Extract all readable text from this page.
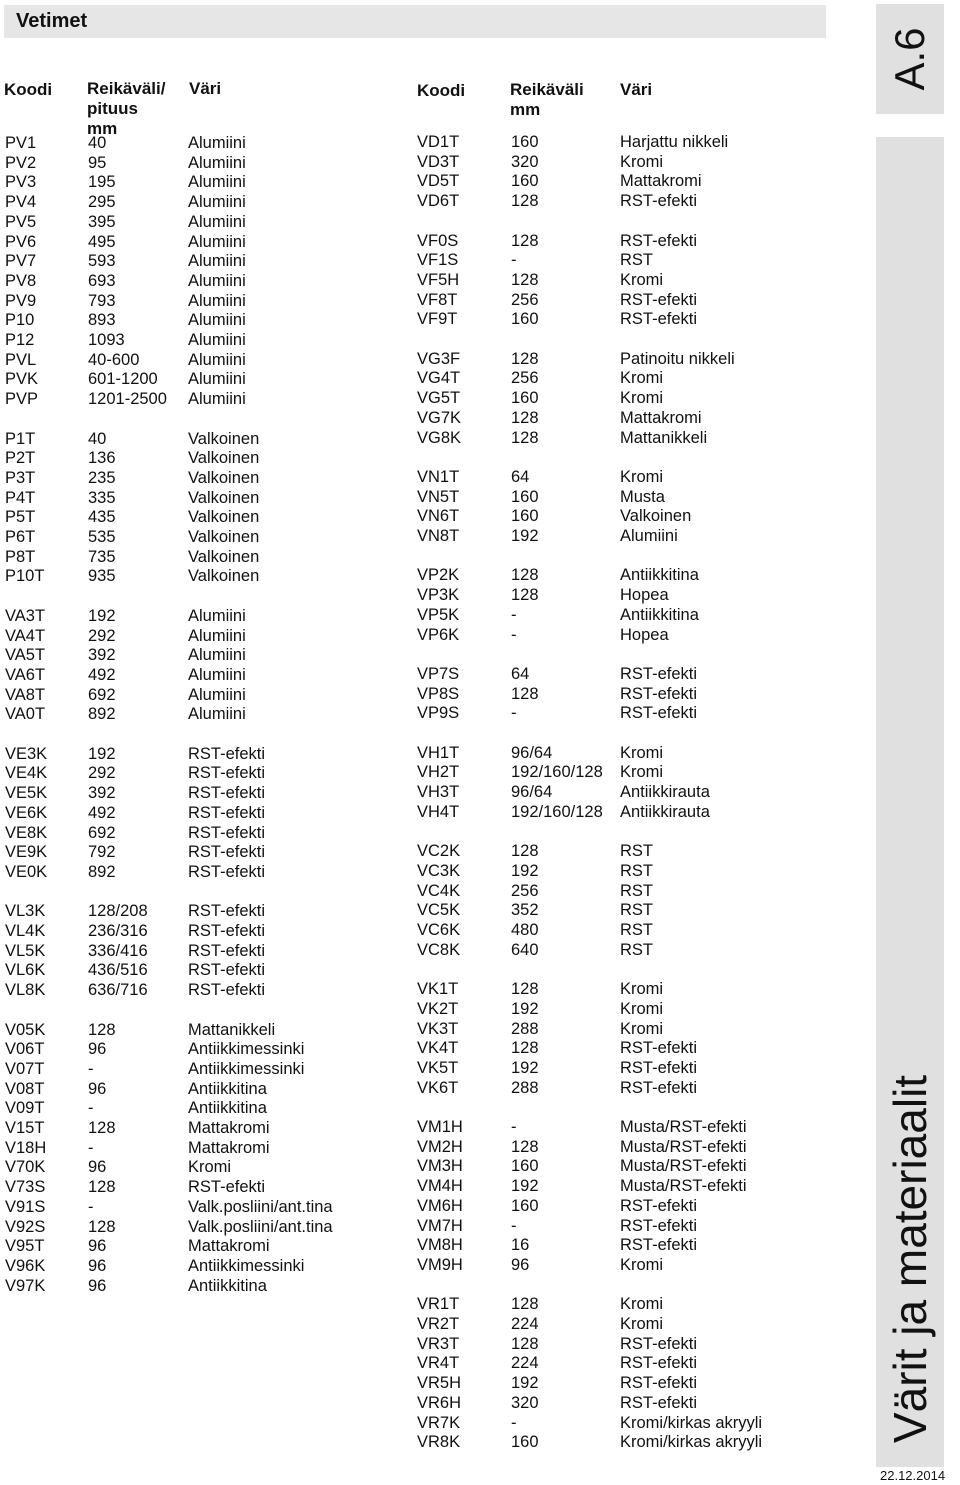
Vetimet
A.6
Värit ja materiaalit
22.12.2014
Koodi Reikäväli/
pituus mm
Väri
PV1	40	Alumiini
PV2	95	Alumiini
PV3	195	Alumiini
PV4	295	Alumiini
PV5	395	Alumiini
PV6	495	Alumiini
PV7	593	Alumiini
PV8	693	Alumiini
PV9	793	Alumiini
P10	893	Alumiini
P12	1093	Alumiini
PVL	40-600	Alumiini
PVK	601-1200 Alumiini
PVP	1201-2500 Alumiini
P1T	40	Valkoinen
P2T	136	Valkoinen
P3T	235	Valkoinen
P4T	335	Valkoinen
P5T	435	Valkoinen
P6T	535	Valkoinen
P8T	735	Valkoinen
P10T	935	Valkoinen
VA3T	192	Alumiini
VA4T	292	Alumiini
VA5T	392	Alumiini
VA6T	492	Alumiini
VA8T	692	Alumiini
VA0T	892	Alumiini
VE3K 192	RST-efekti
VE4K 292	RST-efekti
VE5K 392	RST-efekti
VE6K 492	RST-efekti
VE8K 692	RST-efekti
VE9K 792	RST-efekti
VE0K 892	RST-efekti
VL3K	128/208 RST-efekti
VL4K	236/316 RST-efekti
VL5K	336/416 RST-efekti
VL6K	436/516 RST-efekti
VL8K	636/716 RST-efekti
V05K	128	Mattanikkeli
V06T	96	Antiikkimessinki
V07T	-	Antiikkimessinki
V08T	96	Antiikkitina
V09T	-	Antiikkitina
V15T	128	Mattakromi
V18H	-	Mattakromi
V70K	96	Kromi
V73S	128	RST-efekti
V91S	-	Valk.posliini/ant.tina
V92S	128	Valk.posliini/ant.tina
V95T	96	Mattakromi
V96K	96	Antiikkimessinki
V97K	96	Antiikkitina
Koodi	Reikäväli
mm
Väri
VD1T	160	Harjattu nikkeli
VD3T	320	Kromi
VD5T	160	Mattakromi
VD6T	128	RST-efekti
VF0S	128	RST-efekti
VF1S	-	RST
VF5H	128	Kromi
VF8T	256	RST-efekti
VF9T	160	RST-efekti
VG3F	128	Patinoitu nikkeli
VG4T	256	Kromi
VG5T	160	Kromi
VG7K	128	Mattakromi
VG8K	128	Mattanikkeli
VN1T	64	Kromi
VN5T	160	Musta
VN6T	160	Valkoinen
VN8T	192	Alumiini
VP2K	128	Antiikkitina
VP3K	128	Hopea
VP5K	-	Antiikkitina
VP6K	-	Hopea
VP7S	64	RST-efekti
VP8S	128	RST-efekti
VP9S	-	RST-efekti
VH1T	96/64	Kromi
VH2T	192/160/128 Kromi
VH3T	96/64	Antiikkirauta
VH4T	192/160/128 Antiikkirauta
VC2K	128	RST
VC3K	192	RST
VC4K	256	RST
VC5K	352	RST
VC6K	480	RST
VC8K	640	RST
VK1T	128	Kromi
VK2T	192	Kromi
VK3T	288	Kromi
VK4T	128	RST-efekti
VK5T	192	RST-efekti
VK6T	288	RST-efekti
VM1H	-	Musta/RST-efekti
VM2H	128	Musta/RST-efekti
VM3H	160	Musta/RST-efekti
VM4H	192	Musta/RST-efekti
VM6H	160	RST-efekti
VM7H	-	RST-efekti
VM8H	16	RST-efekti
VM9H	96	Kromi
VR1T	128	Kromi
VR2T	224	Kromi
VR3T	128	RST-efekti
VR4T	224	RST-efekti
VR5H	192	RST-efekti
VR6H	320	RST-efekti
VR7K	-	Kromi/kirkas akryyli
VR8K	160	Kromi/kirkas akryyli
